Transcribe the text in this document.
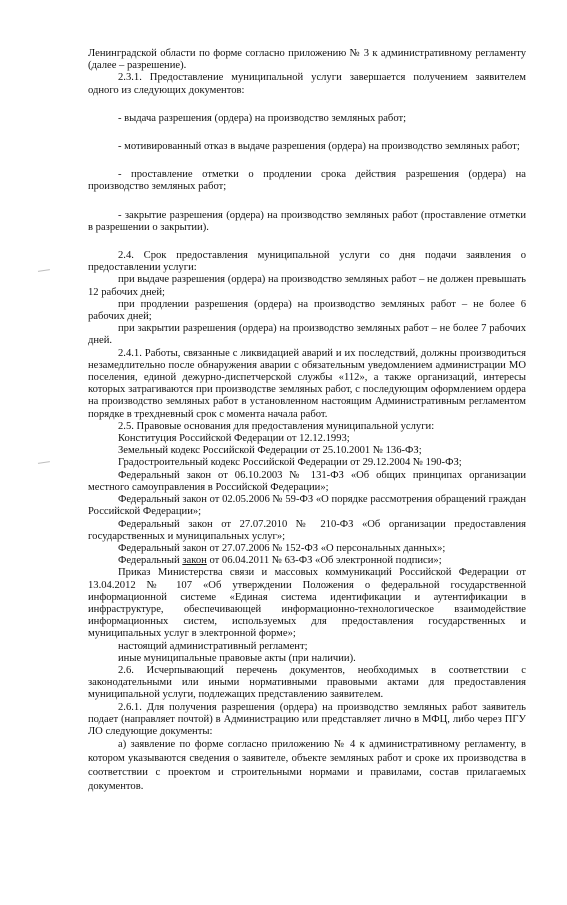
Ленинградской области по форме согласно приложению № 3 к административному регламенту (далее – разрешение).

2.3.1. Предоставление муниципальной услуги завершается получением заявителем одного из следующих документов:

- выдача разрешения (ордера) на производство земляных работ;

- мотивированный отказ в выдаче разрешения (ордера) на производство земляных работ;

- проставление отметки о продлении срока действия разрешения (ордера) на производство земляных работ;

- закрытие разрешения (ордера) на производство земляных работ (проставление отметки в разрешении о закрытии).

2.4. Срок предоставления муниципальной услуги со дня подачи заявления о предоставлении услуги:

при выдаче разрешения (ордера) на производство земляных работ – не должен превышать 12 рабочих дней;

при продлении разрешения (ордера) на производство земляных работ – не более 6 рабочих дней;

при закрытии разрешения (ордера) на производство земляных работ – не более 7 рабочих дней.

2.4.1. Работы, связанные с ликвидацией аварий и их последствий, должны производиться незамедлительно после обнаружения аварии с обязательным уведомлением администрации МО поселения, единой дежурно-диспетчерской службы «112», а также организаций, интересы которых затрагиваются при производстве земляных работ, с последующим оформлением ордера на производство земляных работ в установленном настоящим Административным регламентом порядке в трехдневный срок с момента начала работ.

2.5. Правовые основания для предоставления муниципальной услуги:

Конституция Российской Федерации от 12.12.1993;

Земельный кодекс Российской Федерации от 25.10.2001 № 136-ФЗ;

Градостроительный кодекс Российской Федерации от 29.12.2004 № 190-ФЗ;

Федеральный закон от 06.10.2003 № 131-ФЗ «Об общих принципах организации местного самоуправления в Российской Федерации»;

Федеральный закон от 02.05.2006 № 59-ФЗ «О порядке рассмотрения обращений граждан Российской Федерации»;

Федеральный закон от 27.07.2010 № 210-ФЗ «Об организации предоставления государственных и муниципальных услуг»;

Федеральный закон от 27.07.2006 № 152-ФЗ «О персональных данных»;

Федеральный закон от 06.04.2011 № 63-ФЗ «Об электронной подписи»;

Приказ Министерства связи и массовых коммуникаций Российской Федерации от 13.04.2012 № 107 «Об утверждении Положения о федеральной государственной информационной системе «Единая система идентификации и аутентификации в инфраструктуре, обеспечивающей информационно-технологическое взаимодействие информационных систем, используемых для предоставления государственных и муниципальных услуг в электронной форме»;

настоящий административный регламент;

иные муниципальные правовые акты (при наличии).

2.6. Исчерпывающий перечень документов, необходимых в соответствии с законодательными или иными нормативными правовыми актами для предоставления муниципальной услуги, подлежащих представлению заявителем.

2.6.1. Для получения разрешения (ордера) на производство земляных работ заявитель подает (направляет почтой) в Администрацию или представляет лично в МФЦ, либо через ПГУ ЛО следующие документы:

а) заявление по форме согласно приложению № 4 к административному регламенту, в котором указываются сведения о заявителе, объекте земляных работ и сроке их производства в соответствии с проектом и строительными нормами и правилами, состав прилагаемых документов.
